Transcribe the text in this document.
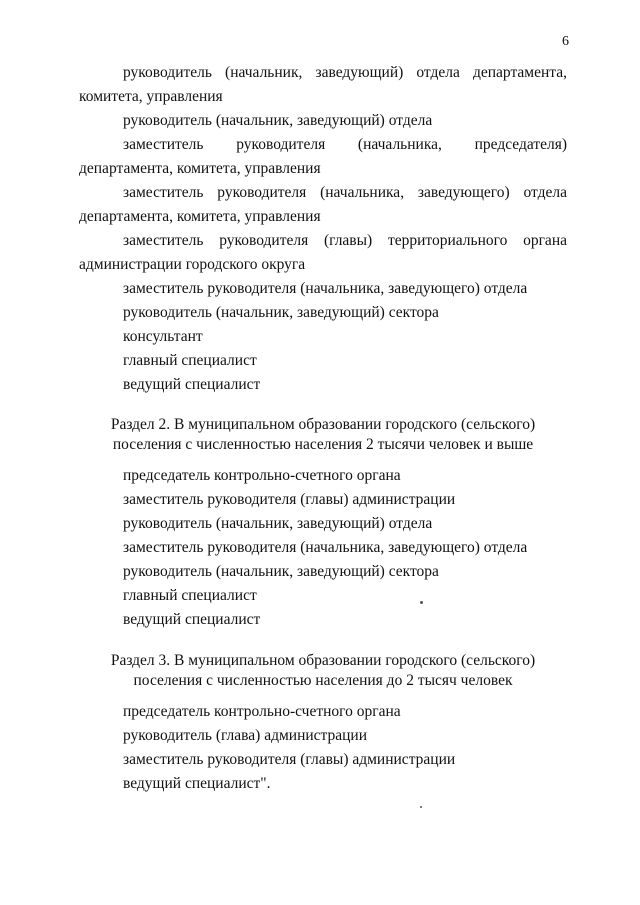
6

руководитель (начальник, заведующий) отдела департамента, комитета, управления

руководитель (начальник, заведующий) отдела

заместитель руководителя (начальника, председателя) департамента, комитета, управления

заместитель руководителя (начальника, заведующего) отдела департамента, комитета, управления

заместитель руководителя (главы) территориального органа администрации городского округа

заместитель руководителя (начальника, заведующего) отдела

руководитель (начальник, заведующий) сектора

консультант

главный специалист

ведущий специалист

Раздел 2. В муниципальном образовании городского (сельского)
поселения с численностью населения 2 тысячи человек и выше

председатель контрольно-счетного органа

заместитель руководителя (главы) администрации

руководитель (начальник, заведующий) отдела

заместитель руководителя (начальника, заведующего) отдела

руководитель (начальник, заведующий) сектора

главный специалист

ведущий специалист

Раздел 3. В муниципальном образовании городского (сельского)
поселения с численностью населения до 2 тысяч человек

председатель контрольно-счетного органа

руководитель (глава) администрации

заместитель руководителя (главы) администрации

ведущий специалист".
